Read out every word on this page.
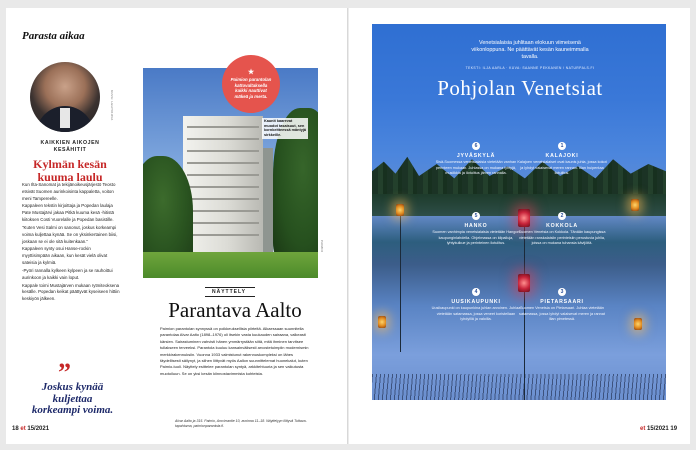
Parasta aikaa
KUVA: LEHTIKUVA
KAIKKIEN AIKOJEN KESÄHITIT
Kylmän kesän kuuma laulu

Kun Ilta-Sanomat ja tekijänoikeusjärjestö Teosto etsivät Suomen aurinkoisinta kappaletta, voiton meni Tampereelle.

Kappaleen tekstin kirjoittaja ja Popedan laulaja Pate Mustajärvi jakaa Pitkä kuuma kesä -hitistä kiitoksen Costi Vuorelalle ja Popedan basistille.

"Kuten Vesi Salmi on sanonut, joskus korkeampi voima kuljettaa kynää. Se on yksinkertainen biisi, joskaan se ei ole sitä kuitenkaan."

Kappaleen synty osui Hanse-rockin myyttisimpään aikaan, kun kesät vielä olivat sateisia ja kylmiä.

-Pyöri rannalla kylkeen kylpeen ja se rauhoittui aurinkoon ja kaikki vain loput.

Kappale toimi Mustajärven mukaan rytmiteoksena kesälle. Popedan keikat päättyvät kyseiseen hittiin keskiyön jälkeen.

”
Joskus kynää kuljettaa korkeampi voima.
18 et 15/2021
PAIMIO
★
Paimion parantolan kattovaltaksella kaikki nauttivat mäkeä ja merta.
Kaunit kaarevat muodot tasaisuut, sen kornkeitteessä mäntyjä sirkkeille.
NÄYTTELY
Parantava Aalto

Paimion parantolan synnyssä on poikkeuksellisia piirteitä. Alkaessaan suunnitella parantolaa Alvar Aalto (1898–1976) oli itsekin vasta kuukauden sairaana, valkeasti kärsien. Sairastuminen vahvisti hänen ymmärrystään siitä, mitä ihminen tarvitsee tullakseen terveeksi. Parantola kuuluu kansainvälisesti arvostetuimpiin modernismin merkkirakennuksiin. Vuonna 1933 valmistunut rakennuskompleksi on lähes täydellisesti säilynyt, ja siihen liittyvät myös Aallon suunnittelemat huonekalut, kuten Paimio-tuoli. Näyttely esittelee parantolan syntyä, arkkitehtuuria ja sen vaikutusta muotoiluun. Se on yksi kesän kiinnostavimmista kohteista.

Alvar Aalto ja 315. Paimio, Arovirrantie 10, avoinna 11–18. Näyttelyyn liittyvä Tuttava-tapahtuma, paimionparantola.fi.
Venetsialaisia juhlitaan elokuun viimeisenä viikonloppuna. Ne päättävät kesän kauneimmalla tavalla.
TEKSTI: ILJA AARLA · KUVA: SAANNE PEKKANEN / NATURPALS.FI
Pohjolan Venetsiat
6
JYVÄSKYLÄ
Sisä-Suomessa venetsialaisia vietetään vanhan perinteen mukaan. Juhlassa on mukana lyhtyjä, musiikkia ja ilotulitus järven rannalla.
1
KALAJOKI
Kalajoen venetsialaiset ovat kaunis juhla, jossa kokot ja lyhdyt valaisevat meren rannan. Illan huipentaa ilotulitus.
5
HANKO
Suomen vanhimpia venetsialaisia vietetään Hangon kaupunginlahdella. Ohjelmassa on kilpailuja, lyhtykulkue ja perinteinen ilotulitus.
2
KOKKOLA
Suomen Venetsia on Kokkola. Tänään kaupungissa vietetään ranskalaisiin perinteisiin perustuvia juhlia, joissa on mukana tuhansia kävijöitä.
4
UUSIKAUPUNKI
Uusikaupunki on kaupunkina juhlan arvoinen. Juhlaa vietetään satamassa, jossa veneet koristellaan lyhdyillä ja valoilla.
3
PIETARSAARI
Suomen Venetsia on Pietarsaari. Juhlaa vietetään satamassa, jossa lyhdyt valaisevat meren ja rannat illan pimetessä.
et 15/2021 19
